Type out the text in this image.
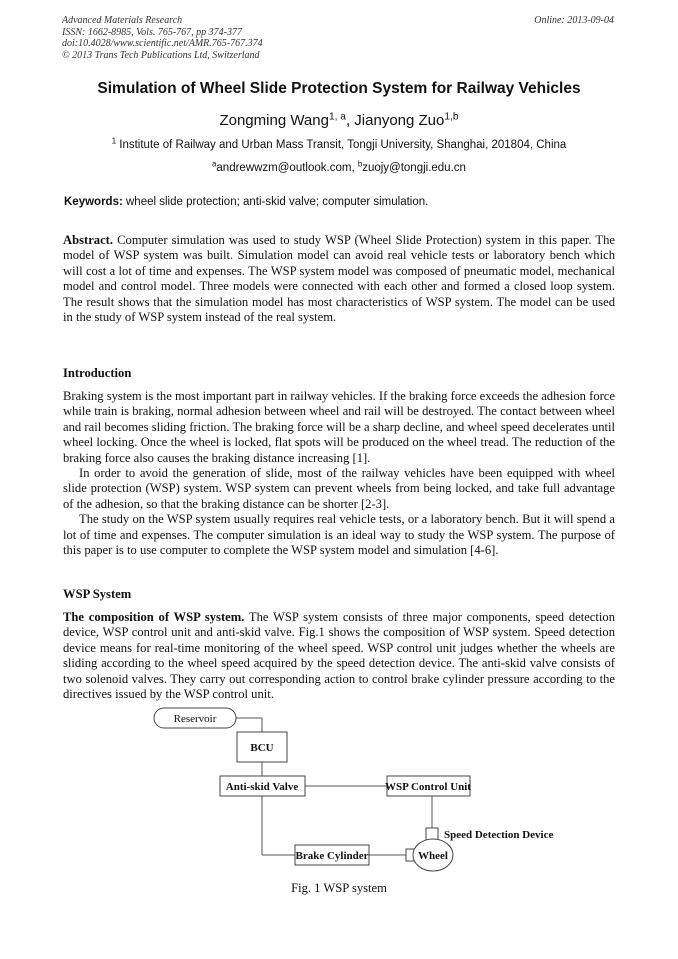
Advanced Materials Research
ISSN: 1662-8985, Vols. 765-767, pp 374-377
doi:10.4028/www.scientific.net/AMR.765-767.374
© 2013 Trans Tech Publications Ltd, Switzerland
Online: 2013-09-04
Simulation of Wheel Slide Protection System for Railway Vehicles
Zongming Wang$^{1, a}$, Jianyong Zuo$^{1,b}$
$^1$ Institute of Railway and Urban Mass Transit, Tongji University, Shanghai, 201804, China
$^a$andrewwzm@outlook.com, $^b$zuojy@tongji.edu.cn
Keywords: wheel slide protection; anti-skid valve; computer simulation.

Abstract. Computer simulation was used to study WSP (Wheel Slide Protection) system in this paper. The model of WSP system was built. Simulation model can avoid real vehicle tests or laboratory bench which will cost a lot of time and expenses. The WSP system model was composed of pneumatic model, mechanical model and control model. Three models were connected with each other and formed a closed loop system. The result shows that the simulation model has most characteristics of WSP system. The model can be used in the study of WSP system instead of the real system.

Introduction

Braking system is the most important part in railway vehicles. If the braking force exceeds the adhesion force while train is braking, normal adhesion between wheel and rail will be destroyed. The contact between wheel and rail becomes sliding friction. The braking force will be a sharp decline, and wheel speed decelerates until wheel locking. Once the wheel is locked, flat spots will be produced on the wheel tread. The reduction of the braking force also causes the braking distance increasing [1].

In order to avoid the generation of slide, most of the railway vehicles have been equipped with wheel slide protection (WSP) system. WSP system can prevent wheels from being locked, and take full advantage of the adhesion, so that the braking distance can be shorter [2-3].

The study on the WSP system usually requires real vehicle tests, or a laboratory bench. But it will spend a lot of time and expenses. The computer simulation is an ideal way to study the WSP system. The purpose of this paper is to use computer to complete the WSP system model and simulation [4-6].

WSP System

The composition of WSP system. The WSP system consists of three major components, speed detection device, WSP control unit and anti-skid valve. Fig.1 shows the composition of WSP system. Speed detection device means for real-time monitoring of the wheel speed. WSP control unit judges whether the wheels are sliding according to the wheel speed acquired by the speed detection device. The anti-skid valve consists of two solenoid valves. They carry out corresponding action to control brake cylinder pressure according to the directives issued by the WSP control unit.

Reservoir
BCU
Anti-skid Valve	WSP Control Unit
Speed Detection Device
Brake Cylinder	Wheel
Fig. 1 WSP system
